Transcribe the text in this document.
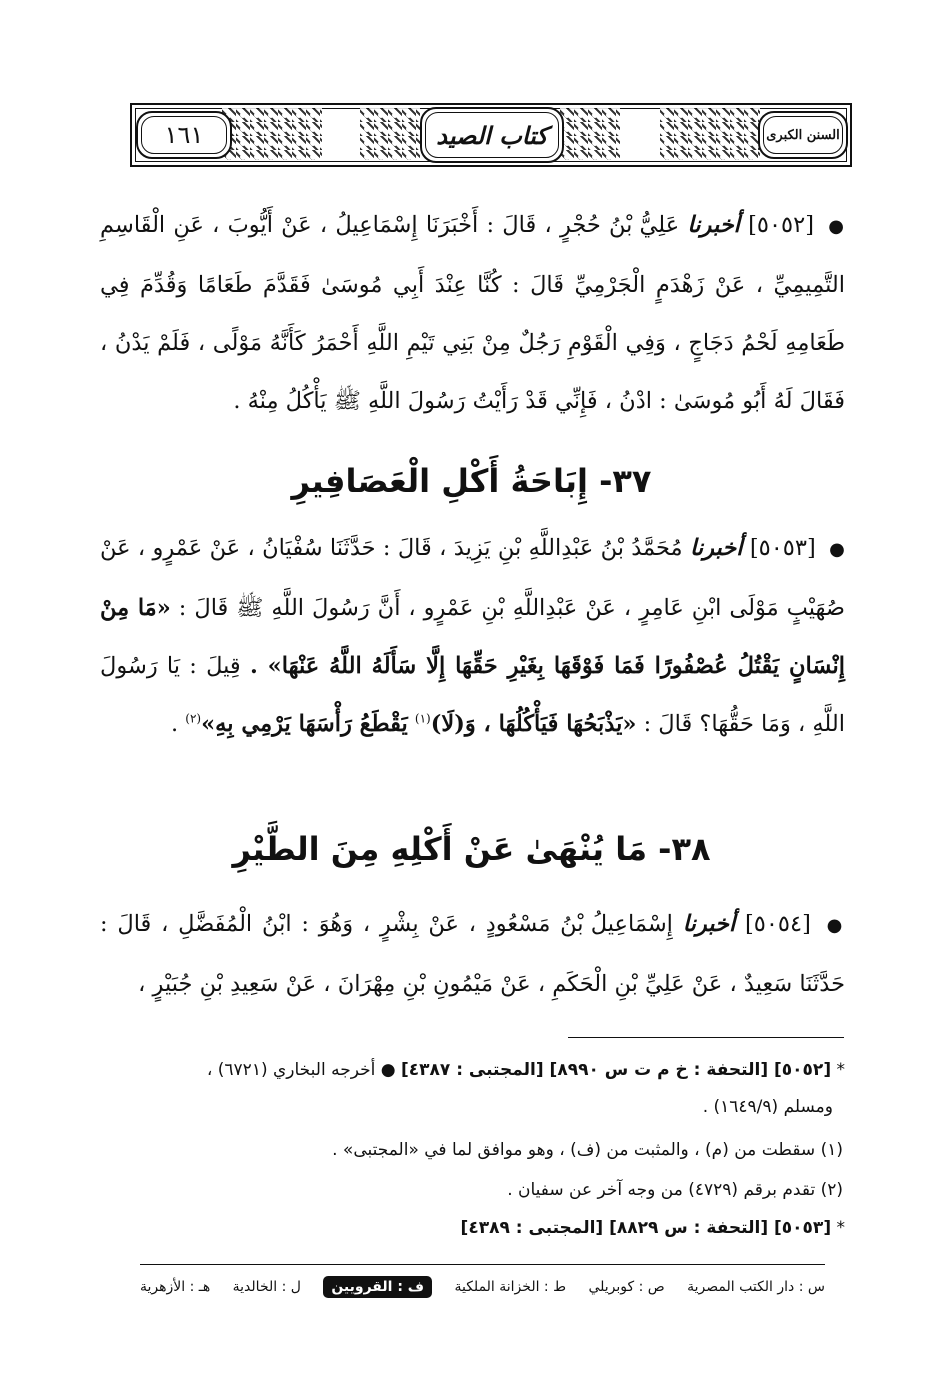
١٦١	كتاب الصيد	السنن الكبرى
● [٥٠٥٢] أخبرنا عَلِيُّ بْنُ حُجْرٍ ، قَالَ : أَخْبَرَنَا إِسْمَاعِيلُ ، عَنْ أَيُّوبَ ، عَنِ الْقَاسِمِ التَّمِيمِيِّ ، عَنْ زَهْدَمٍ الْجَرْمِيِّ قَالَ : كُنَّا عِنْدَ أَبِي مُوسَىٰ فَقَدَّمَ طَعَامًا وَقُدِّمَ فِي طَعَامِهِ لَحْمُ دَجَاجٍ ، وَفِي الْقَوْمِ رَجُلٌ مِنْ بَنِي تَيْمِ اللَّهِ أَحْمَرُ كَأَنَّهُ مَوْلًى ، فَلَمْ يَدْنُ ، فَقَالَ لَهُ أَبُو مُوسَىٰ : ادْنُ ، فَإِنِّي قَدْ رَأَيْتُ رَسُولَ اللَّهِ ﷺ يَأْكُلُ مِنْهُ .
٣٧- إِبَاحَةُ أَكْلِ الْعَصَافِيرِ
● [٥٠٥٣] أخبرنا مُحَمَّدُ بْنُ عَبْدِاللَّهِ بْنِ يَزِيدَ ، قَالَ : حَدَّثَنَا سُفْيَانُ ، عَنْ عَمْرٍو ، عَنْ صُهَيْبٍ مَوْلَى ابْنِ عَامِرٍ ، عَنْ عَبْدِاللَّهِ بْنِ عَمْرٍو ، أَنَّ رَسُولَ اللَّهِ ﷺ قَالَ : «مَا مِنْ إِنْسَانٍ يَقْتُلُ عُصْفُورًا فَمَا فَوْقَهَا بِغَيْرِ حَقِّهَا إِلَّا سَأَلَهُ اللَّهُ عَنْهَا» . قِيلَ : يَا رَسُولَ اللَّهِ ، وَمَا حَقُّهَا؟ قَالَ : «يَذْبَحُهَا فَيَأْكُلُهَا ، وَ(لَا)$^{(١)}$ يَقْطَعُ رَأْسَهَا يَرْمِي بِهِ»$^{(٢)}$ .
٣٨- مَا يُنْهَىٰ عَنْ أَكْلِهِ مِنَ الطَّيْرِ
● [٥٠٥٤] أخبرنا إِسْمَاعِيلُ بْنُ مَسْعُودٍ ، عَنْ بِشْرٍ ، وَهُوَ : ابْنُ الْمُفَضَّلِ ، قَالَ : حَدَّثَنَا سَعِيدٌ ، عَنْ عَلِيِّ بْنِ الْحَكَمِ ، عَنْ مَيْمُونِ بْنِ مِهْرَانَ ، عَنْ سَعِيدِ بْنِ جُبَيْرٍ ،
* [٥٠٥٢] [التحفة : خ م ت س ٨٩٩٠] [المجتبى : ٤٣٨٧] ● أخرجه البخاري (٦٧٢١) ،
ومسلم (١٦٤٩/٩) .
(١) سقطت من (م) ، والمثبت من (ف) ، وهو موافق لما في «المجتبى» .
(٢) تقدم برقم (٤٧٢٩) من وجه آخر عن سفيان .
* [٥٠٥٣] [التحفة : س ٨٨٢٩] [المجتبى : ٤٣٨٩]
س : دار الكتب المصرية
ص : كوبريلي
ط : الخزانة الملكية
ف : القرويين
ل : الخالدية
هـ : الأزهرية
